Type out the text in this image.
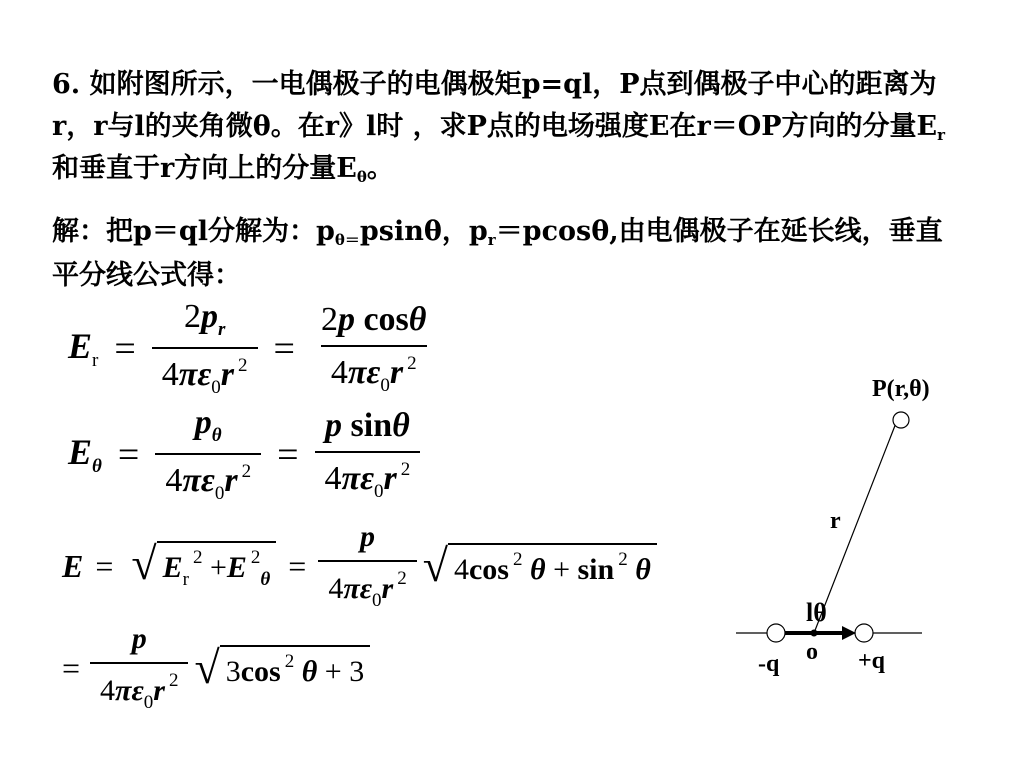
6. 如附图所示，一电偶极子的电偶极矩p=ql，P点到偶极子中心的距离为r，r与l的夹角微θ。在r》l时 ，求P点的电场强度E在r＝OP方向的分量$E_r$和垂直于r方向上的分量$E_\theta$。
解：把p＝ql分解为：$p_{\theta=}psin\theta$，$p_r=pcos\theta$,由电偶极子在延长线，垂直平分线公式得：
$E_r = \frac{2p_r}{4\pi\varepsilon_0r ^2} = \frac{\text{2p cosθ}}{4\pi\varepsilon_0r ^2}$
$E_\theta = \frac{p_\theta}{4\pi\varepsilon_0r ^2} = \frac{\text{p sinθ}}{4\pi\varepsilon_0r ^2}$
E = √ $E_r^2 +E$ $^2_\theta = \frac{p}{4\pi\varepsilon_0r ^2}$ √ 4cos $^2$ θ + sin $^2$ θ
= $\frac{p}{4\pi\varepsilon_0r ^2}$ √ 3cos $^2$ θ + 3
P(r,θ)
r
lθ
o
-q	+q
